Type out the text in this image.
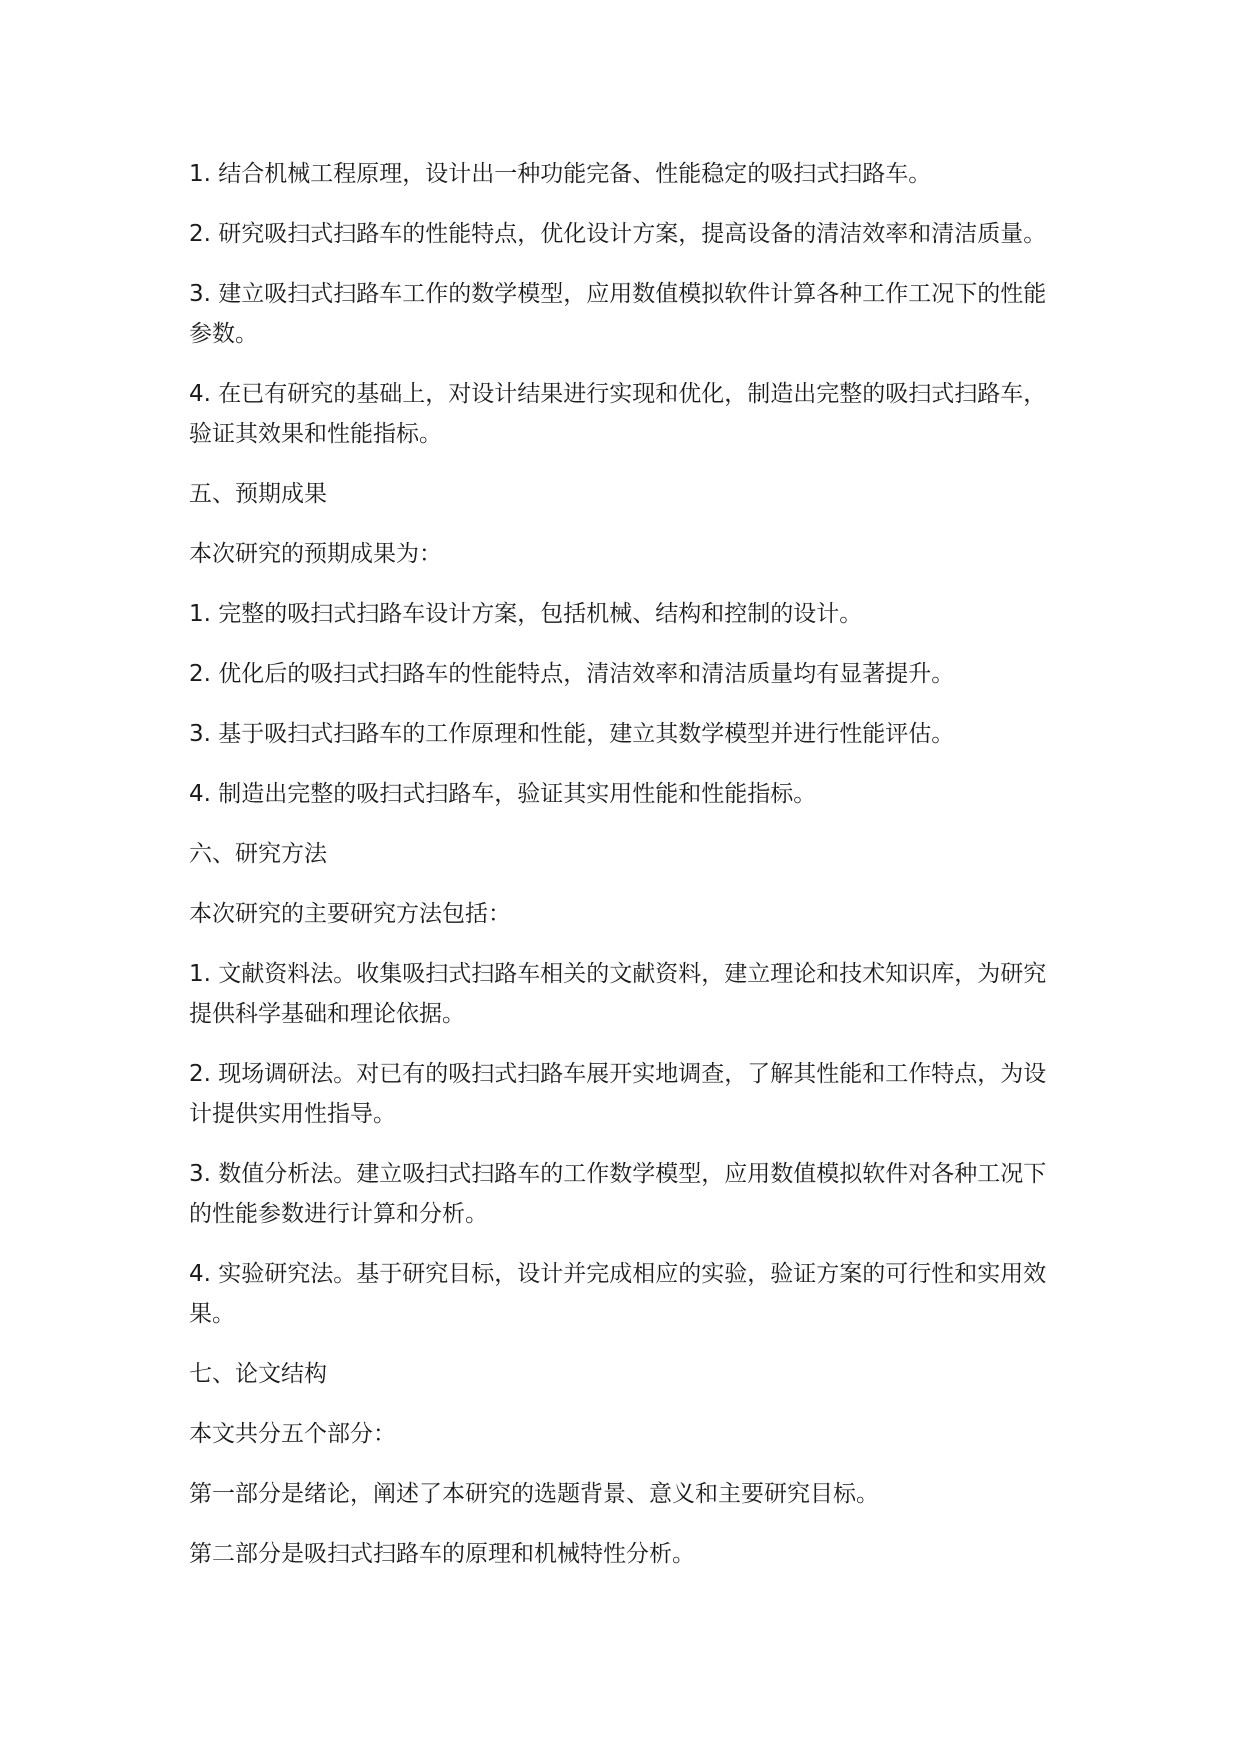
1. 结合机械工程原理，设计出一种功能完备、性能稳定的吸扫式扫路车。

2. 研究吸扫式扫路车的性能特点，优化设计方案，提高设备的清洁效率和清洁质量。

3. 建立吸扫式扫路车工作的数学模型，应用数值模拟软件计算各种工作工况下的性能参数。

4. 在已有研究的基础上，对设计结果进行实现和优化，制造出完整的吸扫式扫路车，验证其效果和性能指标。

五、预期成果

本次研究的预期成果为：

1. 完整的吸扫式扫路车设计方案，包括机械、结构和控制的设计。

2. 优化后的吸扫式扫路车的性能特点，清洁效率和清洁质量均有显著提升。

3. 基于吸扫式扫路车的工作原理和性能，建立其数学模型并进行性能评估。

4. 制造出完整的吸扫式扫路车，验证其实用性能和性能指标。

六、研究方法

本次研究的主要研究方法包括：

1. 文献资料法。收集吸扫式扫路车相关的文献资料，建立理论和技术知识库，为研究提供科学基础和理论依据。

2. 现场调研法。对已有的吸扫式扫路车展开实地调查，了解其性能和工作特点，为设计提供实用性指导。

3. 数值分析法。建立吸扫式扫路车的工作数学模型，应用数值模拟软件对各种工况下的性能参数进行计算和分析。

4. 实验研究法。基于研究目标，设计并完成相应的实验，验证方案的可行性和实用效果。

七、论文结构

本文共分五个部分：

第一部分是绪论，阐述了本研究的选题背景、意义和主要研究目标。

第二部分是吸扫式扫路车的原理和机械特性分析。
